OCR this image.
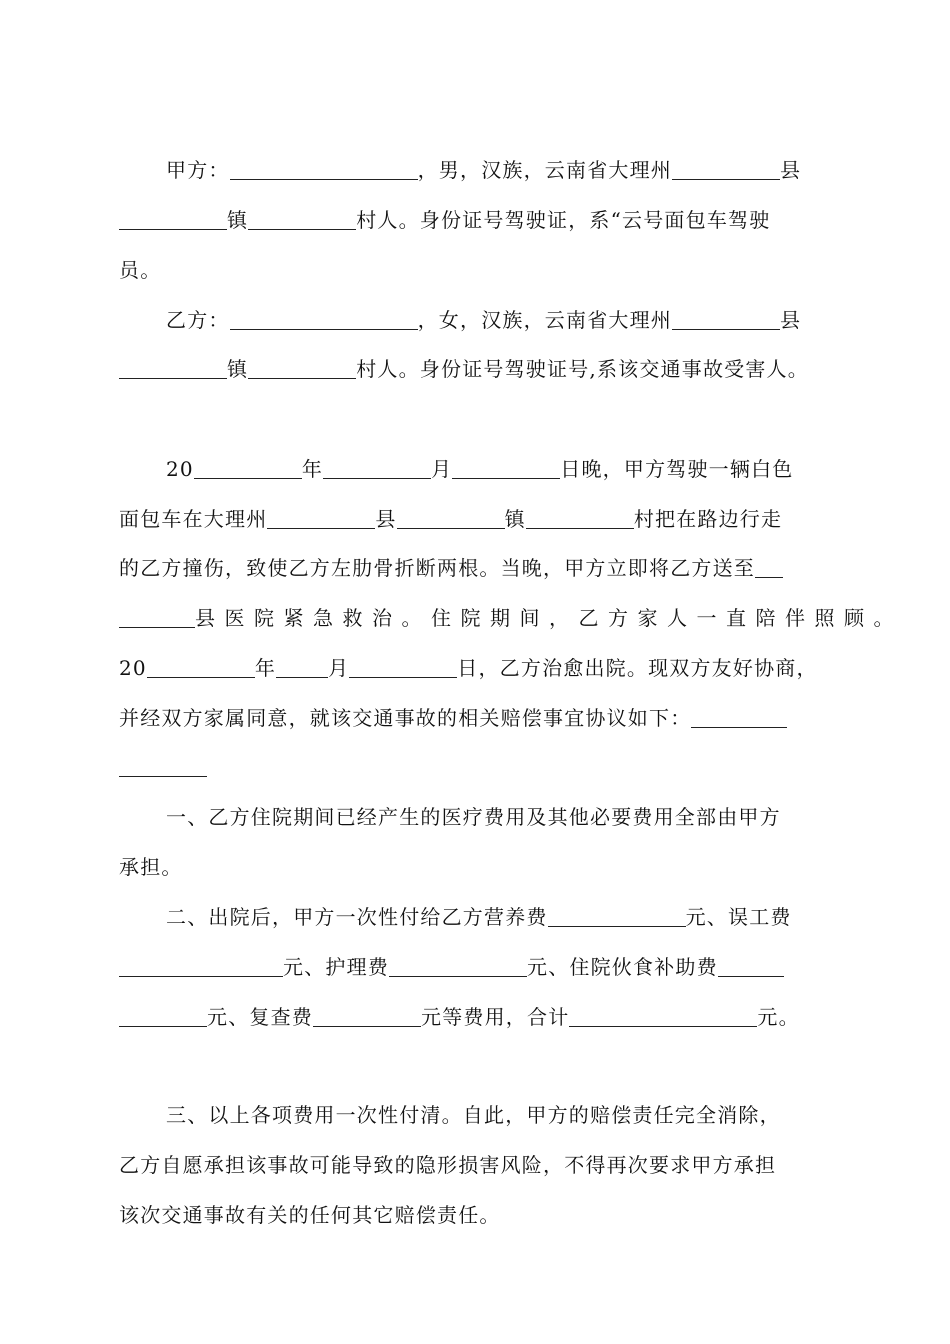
甲方：	，男，汉族，云南省大理州	县
镇	村人。身份证号驾驶证，系“云号面包车驾驶
员。
乙方：	，女，汉族，云南省大理州	县
镇	村人。身份证号驾驶证号,系该交通事故受害人。
20	年	月	日晚，甲方驾驶一辆白色
面包车在大理州	县	镇	村把在路边行走
的乙方撞伤，致使乙方左肋骨折断两根。当晚，甲方立即将乙方送至
县医院紧急救治。住院期间，乙方家人一直陪伴照顾。
20	年	月	日，乙方治愈出院。现双方友好协商，
并经双方家属同意，就该交通事故的相关赔偿事宜协议如下：
一、乙方住院期间已经产生的医疗费用及其他必要费用全部由甲方
承担。
二、出院后，甲方一次性付给乙方营养费	元、误工费
元、护理费	元、住院伙食补助费
元、复查费	元等费用，合计	元。
三、以上各项费用一次性付清。自此，甲方的赔偿责任完全消除，
乙方自愿承担该事故可能导致的隐形损害风险，不得再次要求甲方承担
该次交通事故有关的任何其它赔偿责任。
